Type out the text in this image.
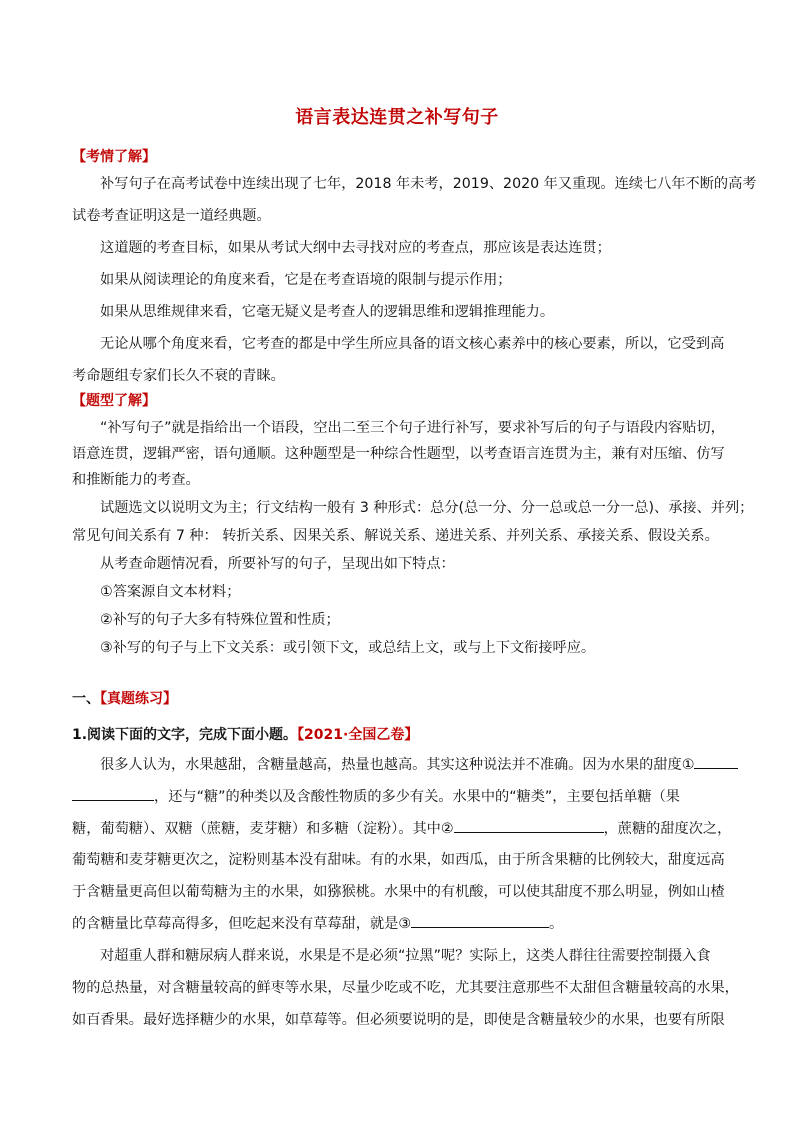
语言表达连贯之补写句子
【考情了解】
补写句子在高考试卷中连续出现了七年，2018 年未考，2019、2020 年又重现。连续七八年不断的高考
试卷考查证明这是一道经典题。
这道题的考查目标，如果从考试大纲中去寻找对应的考查点，那应该是表达连贯；
如果从阅读理论的角度来看，它是在考查语境的限制与提示作用；
如果从思维规律来看，它毫无疑义是考查人的逻辑思维和逻辑推理能力。
无论从哪个角度来看，它考查的都是中学生所应具备的语文核心素养中的核心要素，所以，它受到高
考命题组专家们长久不衰的青睐。
【题型了解】
“补写句子”就是指给出一个语段，空出二至三个句子进行补写，要求补写后的句子与语段内容贴切，
语意连贯，逻辑严密，语句通顺。这种题型是一种综合性题型，以考查语言连贯为主，兼有对压缩、仿写
和推断能力的考查。
试题选文以说明文为主；行文结构一般有 3 种形式：总分(总一分、分一总或总一分一总)、承接、并列；
常见句间关系有 7 种： 转折关系、因果关系、解说关系、递进关系、并列关系、承接关系、假设关系。
从考查命题情况看，所要补写的句子，呈现出如下特点：
①答案源自文本材料；
②补写的句子大多有特殊位置和性质；
③补写的句子与上下文关系：或引领下文，或总结上文，或与上下文衔接呼应。
一、【真题练习】
1.阅读下面的文字，完成下面小题。【2021·全国乙卷】
很多人认为，水果越甜，含糖量越高，热量也越高。其实这种说法并不准确。因为水果的甜度①
，还与“糖”的种类以及含酸性物质的多少有关。水果中的“糖类”，主要包括单糖（果
糖，葡萄糖）、双糖（蔗糖，麦芽糖）和多糖（淀粉）。其中②	，蔗糖的甜度次之，
葡萄糖和麦芽糖更次之，淀粉则基本没有甜味。有的水果，如西瓜，由于所含果糖的比例较大，甜度远高
于含糖量更高但以葡萄糖为主的水果，如猕猴桃。水果中的有机酸，可以使其甜度不那么明显，例如山楂
的含糖量比草莓高得多，但吃起来没有草莓甜，就是③	。
对超重人群和糖尿病人群来说，水果是不是必须“拉黑”呢？实际上，这类人群往往需要控制摄入食
物的总热量，对含糖量较高的鲜枣等水果，尽量少吃或不吃，尤其要注意那些不太甜但含糖量较高的水果，
如百香果。最好选择糖少的水果，如草莓等。但必须要说明的是，即使是含糖量较少的水果，也要有所限
